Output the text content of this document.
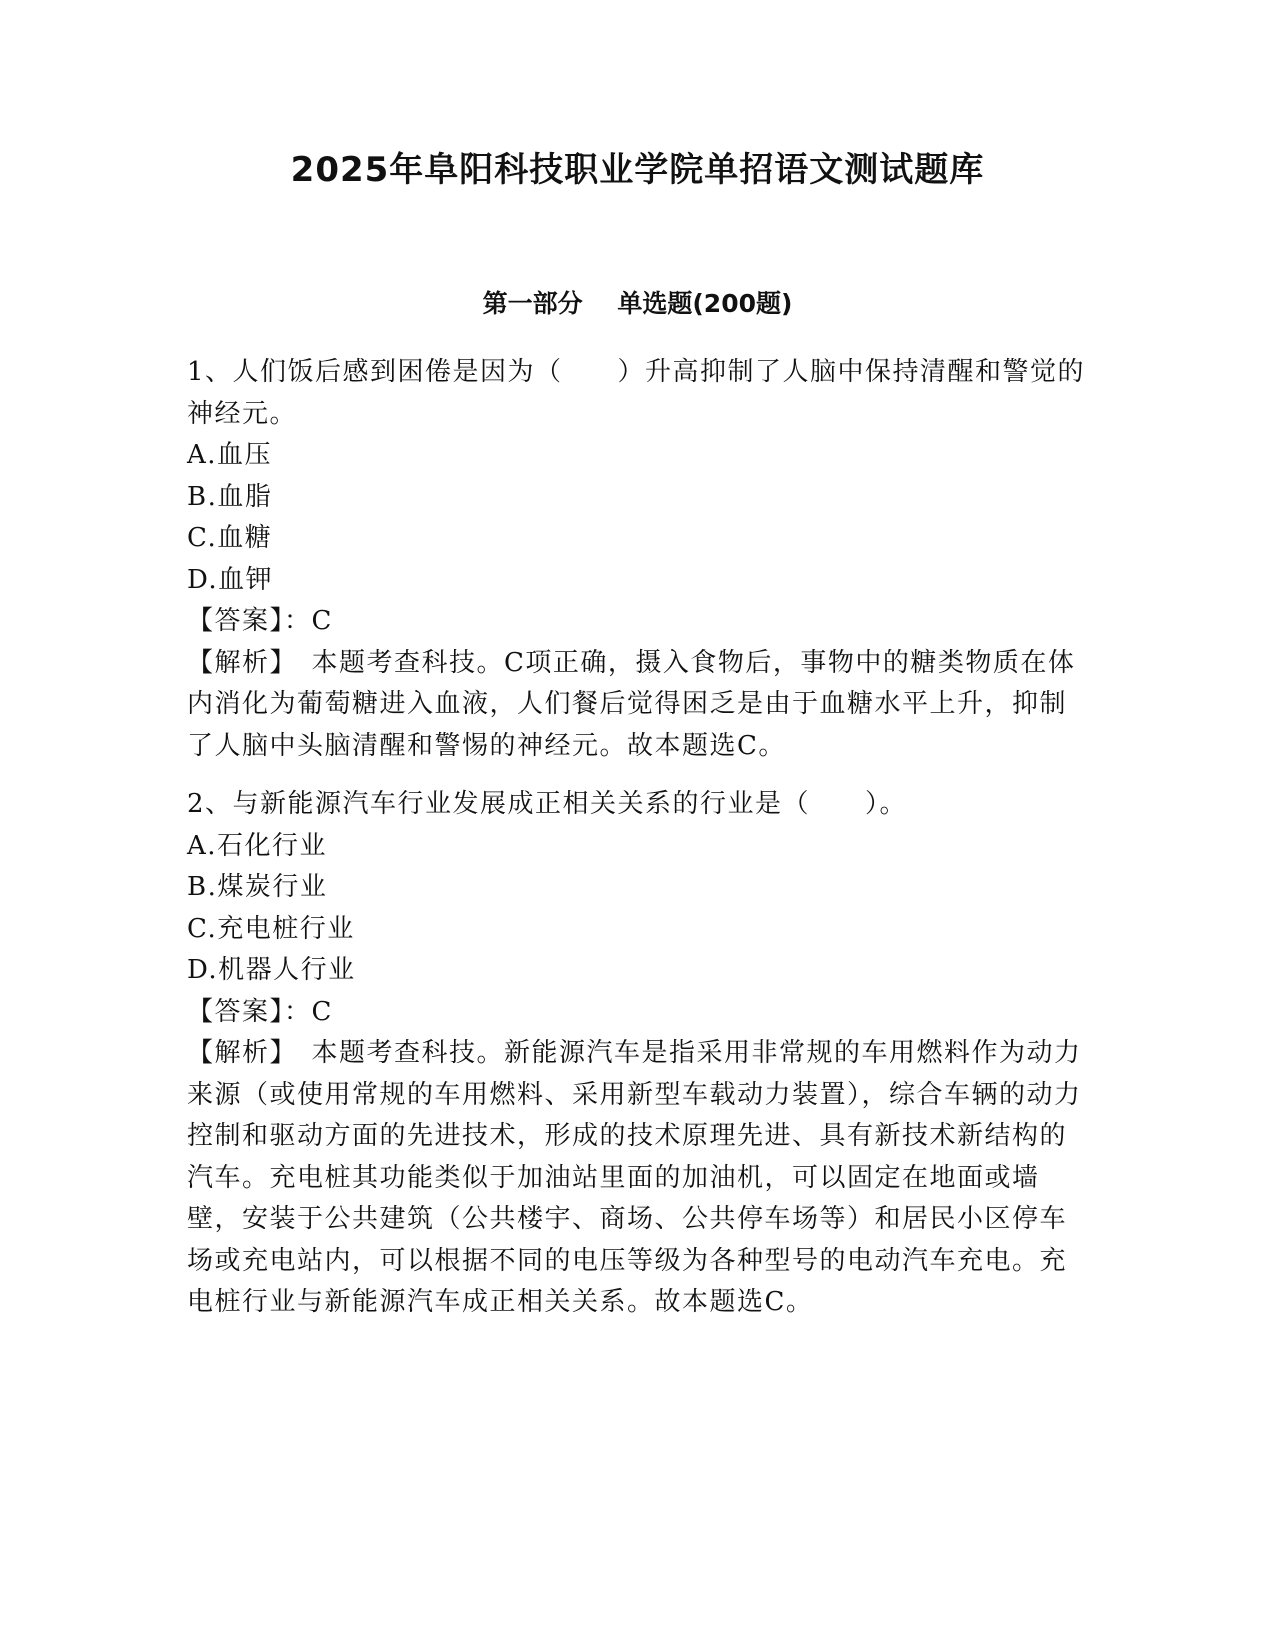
2025年阜阳科技职业学院单招语文测试题库
第一部分    单选题(200题)

1、人们饭后感到困倦是因为（　　）升高抑制了人脑中保持清醒和警觉的神经元。

A.血压

B.血脂

C.血糖

D.血钾

【答案】：C

【解析】　本题考查科技。C项正确，摄入食物后，事物中的糖类物质在体内消化为葡萄糖进入血液，人们餐后觉得困乏是由于血糖水平上升，抑制了人脑中头脑清醒和警惕的神经元。故本题选C。

2、与新能源汽车行业发展成正相关关系的行业是（　　）。

A.石化行业

B.煤炭行业

C.充电桩行业

D.机器人行业

【答案】：C

【解析】　本题考查科技。新能源汽车是指采用非常规的车用燃料作为动力来源（或使用常规的车用燃料、采用新型车载动力装置），综合车辆的动力控制和驱动方面的先进技术，形成的技术原理先进、具有新技术新结构的汽车。充电桩其功能类似于加油站里面的加油机，可以固定在地面或墙壁，安装于公共建筑（公共楼宇、商场、公共停车场等）和居民小区停车场或充电站内，可以根据不同的电压等级为各种型号的电动汽车充电。充电桩行业与新能源汽车成正相关关系。故本题选C。
